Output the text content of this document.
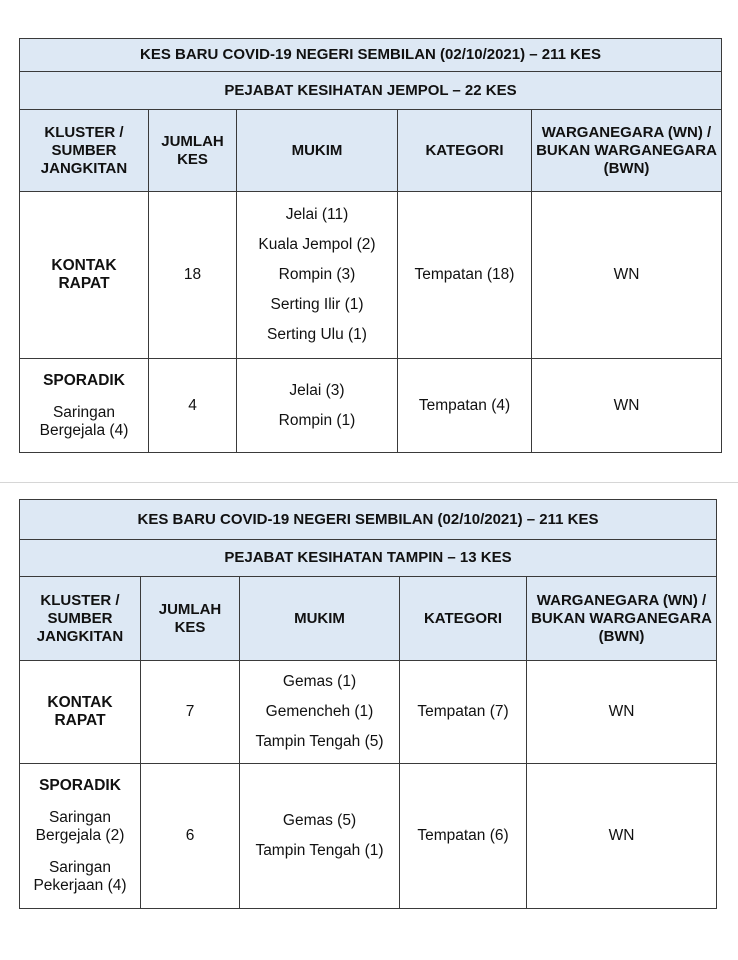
KES BARU COVID-19 NEGERI SEMBILAN (02/10/2021) – 211 KES				
PEJABAT KESIHATAN JEMPOL – 22 KES				
KLUSTER / SUMBER JANGKITAN	JUMLAH KES	MUKIM	KATEGORI	WARGANEGARA (WN) / BUKAN WARGANEGARA (BWN)
KONTAK RAPAT	18	Jelai (11)
Kuala Jempol (2)
Rompin (3)
Serting Ilir (1)
Serting Ulu (1)	Tempatan (18)	WN

SPORADIK
Saringan Bergejala (4)	4	Jelai (3)
Rompin (1)	Tempatan (4)	WN
KES BARU COVID-19 NEGERI SEMBILAN (02/10/2021) – 211 KES				
PEJABAT KESIHATAN TAMPIN – 13 KES				
KLUSTER / SUMBER JANGKITAN	JUMLAH KES	MUKIM	KATEGORI	WARGANEGARA (WN) / BUKAN WARGANEGARA (BWN)
KONTAK RAPAT	7	Gemas (1)
Gemencheh (1)
Tampin Tengah (5)	Tempatan (7)	WN

SPORADIK
Saringan Bergejala (2)
Saringan Pekerjaan (4)	6	Gemas (5)
Tampin Tengah (1)	Tempatan (6)	WN
